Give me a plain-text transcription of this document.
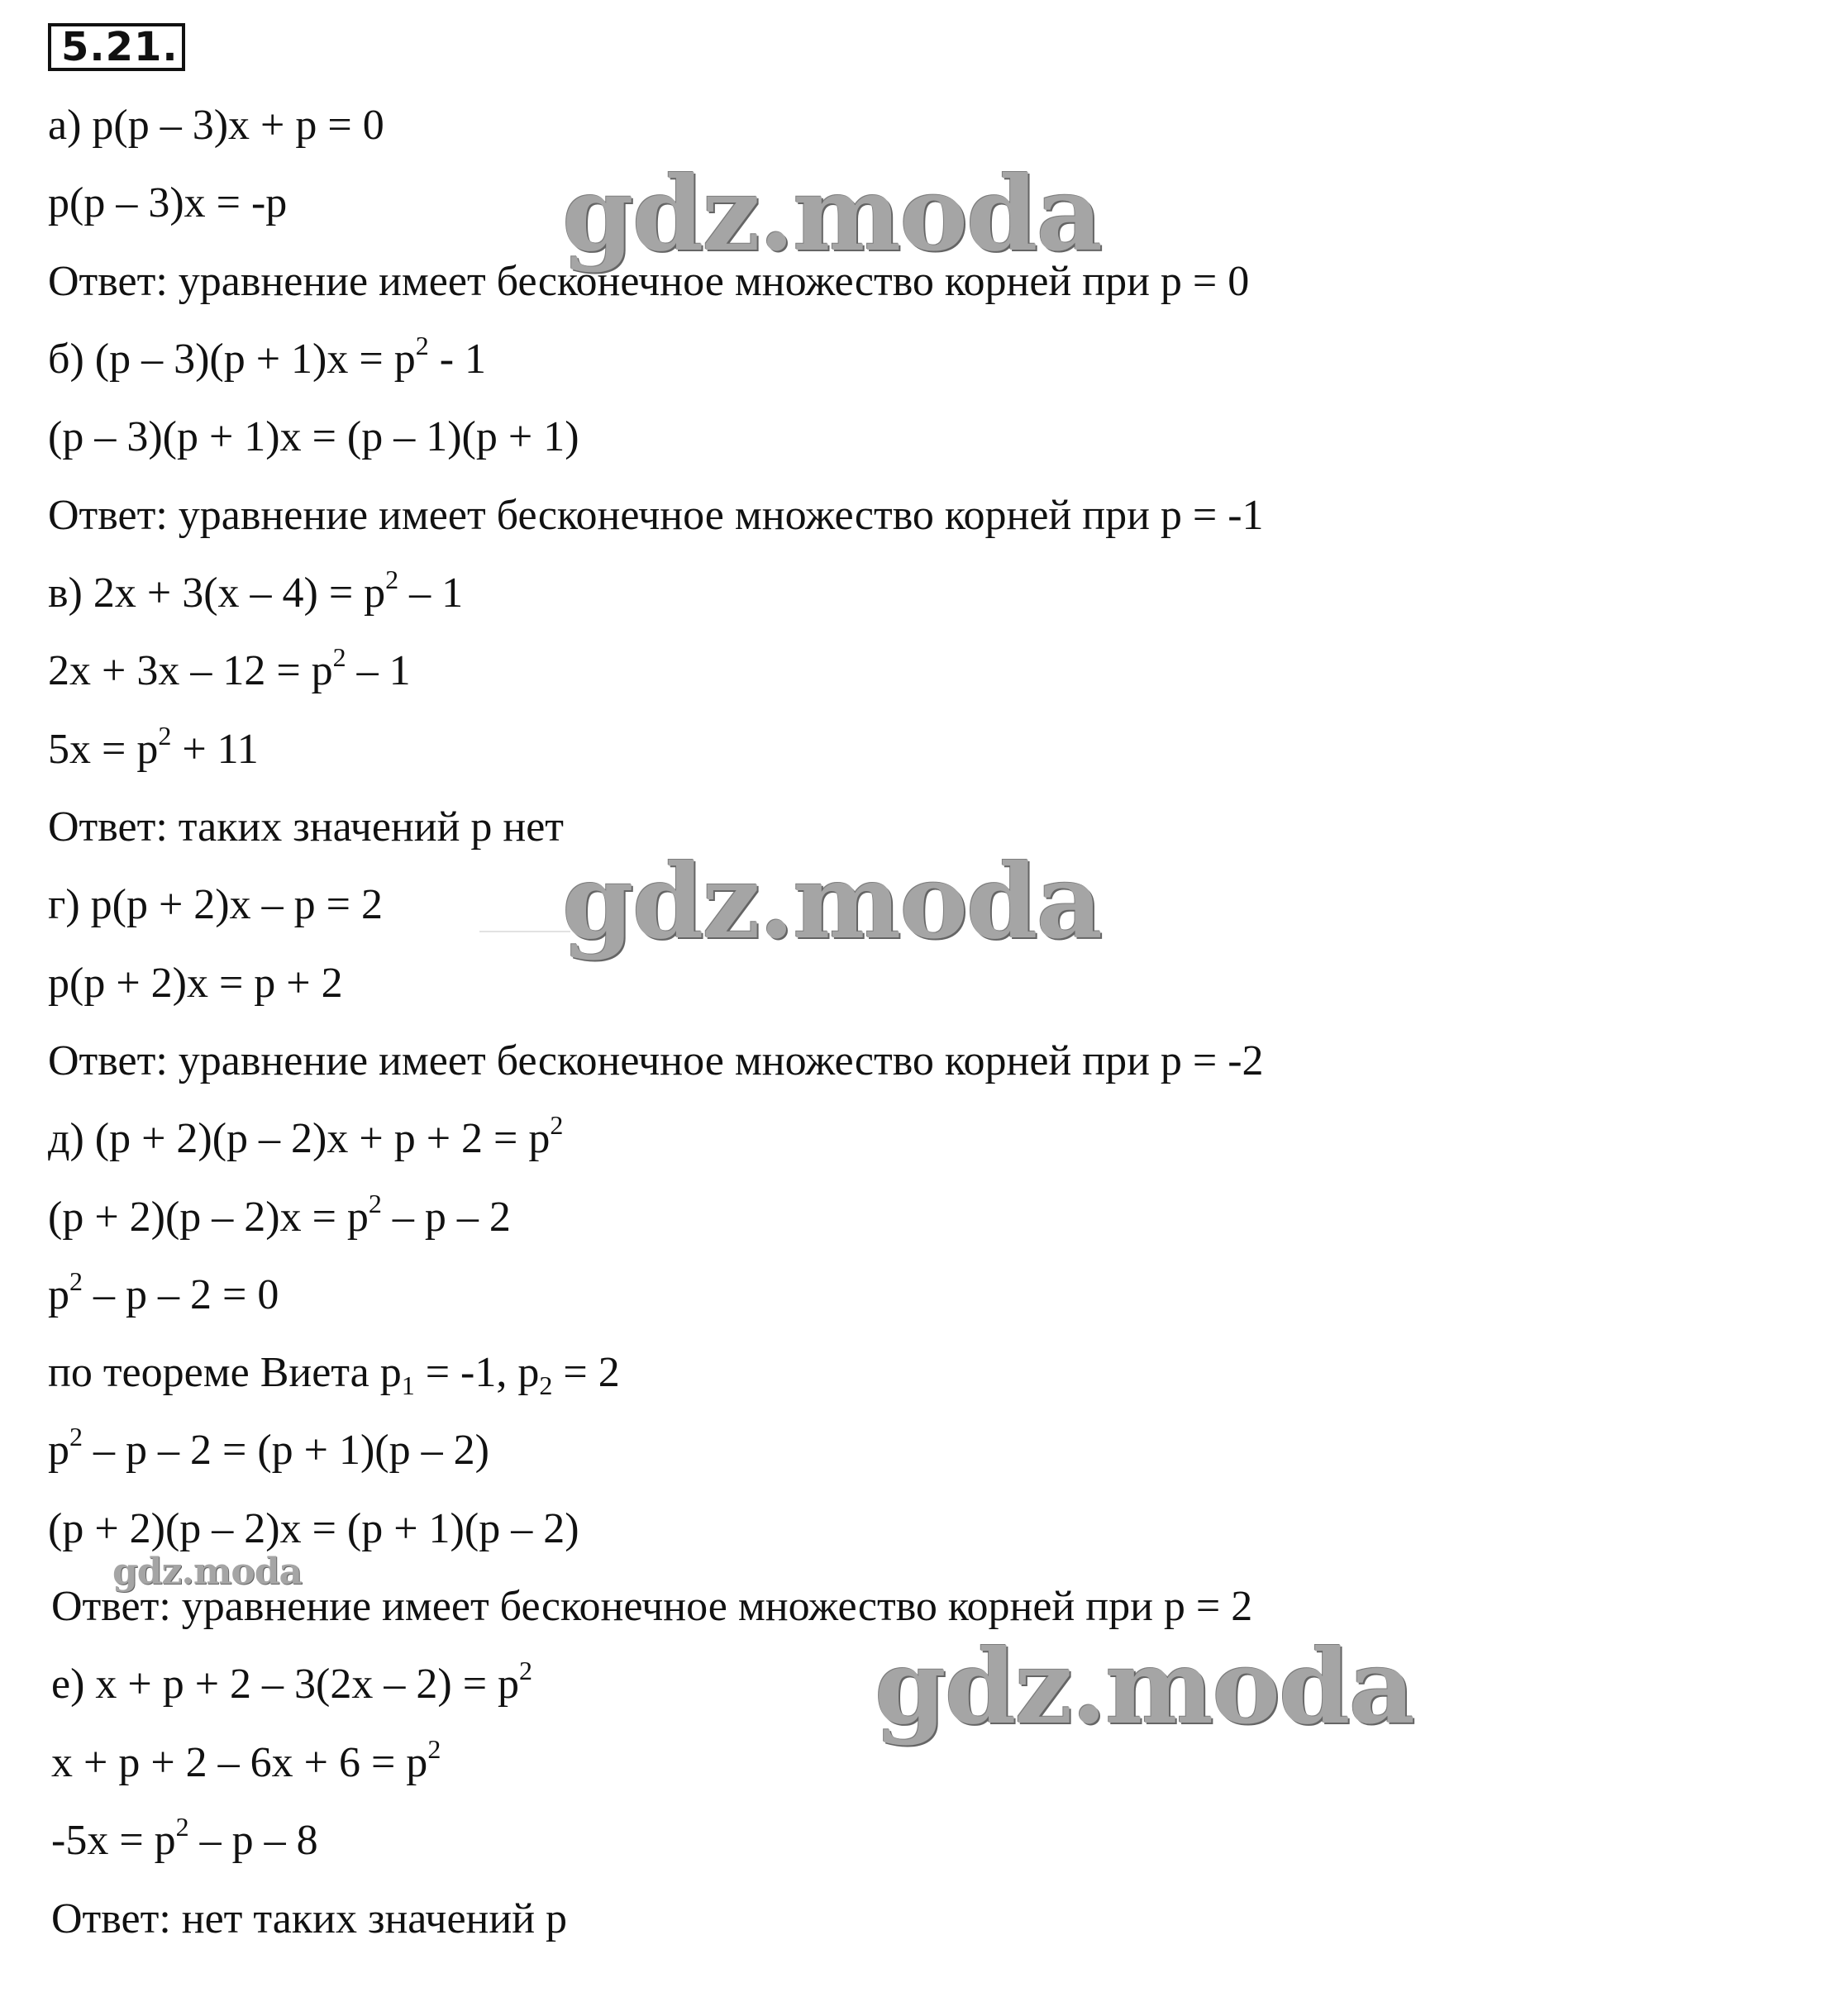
5.21.
а) p(p – 3)x + p = 0
p(p – 3)x = -p
Ответ: уравнение имеет бесконечное множество корней при p = 0
б) $(p - 3)(p + 1)x = p^2 - 1$
(p – 3)(p + 1)x = (p – 1)(p + 1)
Ответ: уравнение имеет бесконечное множество корней при p = -1
в) $2x + 3(x - 4) = p^2 - 1$
$2x + 3x - 12 = p^2 - 1$
$5x = p^2 + 11$
Ответ: таких значений p нет
г) p(p + 2)x – p = 2
p(p + 2)x = p + 2
Ответ: уравнение имеет бесконечное множество корней при p = -2
д) $(p + 2)(p - 2)x + p + 2 = p^2$
$(p + 2)(p - 2)x = p^2 - p - 2$
$p^2 - p - 2 = 0$
по теореме Виета $p_1 = -1$, $p_2 = 2$
$p^2 - p - 2 = (p + 1)(p - 2)$
(p + 2)(p – 2)x = (p + 1)(p – 2)
Ответ: уравнение имеет бесконечное множество корней при p = 2
е) $x + p + 2 - 3(2x - 2) = p^2$
$x + p + 2 - 6x + 6 = p^2$
$-5x = p^2 - p - 8$
Ответ: нет таких значений p
gdz.moda
gdz.moda
gdz.moda
gdz.moda
